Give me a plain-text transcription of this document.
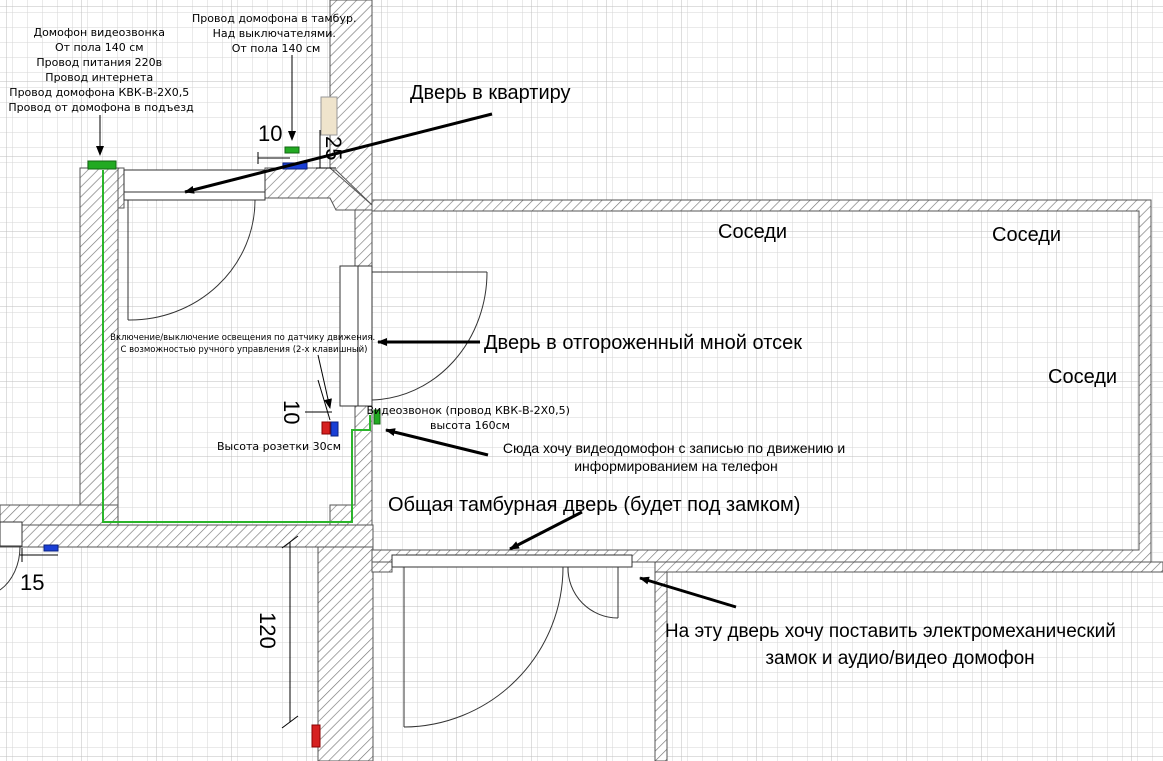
Домофон видеозвонка От пола 140 см Провод питания 220в Провод интернета Провод домофона КВК-В-2Х0,5 Провод от домофона в подъезд
Провод домофона в тамбур. Над выключателями. От пола 140 см
Дверь в квартиру
Соседи	Соседи
Соседи
Включение/выключение освещения по датчику движения. С возможностью ручного управления (2-х клавишный)	Дверь в отгороженный мной отсек
Видеозвонок (провод КВК-В-2Х0,5) высота 160см
Высота розетки 30см	Сюда хочу видеодомофон с записью по движению и информированием на телефон
Общая тамбурная дверь (будет под замком)
На эту дверь хочу поставить электромеханический замок и аудио/видео домофон
10
25
10
15
120
